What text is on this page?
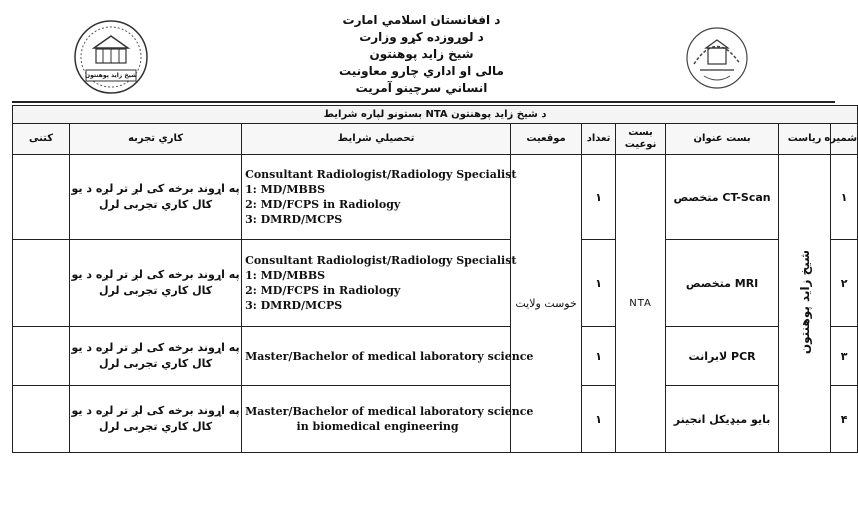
شیخ زاید پوهنتون
د افغانستان اسلامي امارت
د لوړوزده کړو وزارت
شیخ زاید پوهنتون
مالی او اداري چارو معاونیت
انساني سرچینو آمریت
د شیخ زاید پوهنتون NTA بستونو لپاره شرایط								
شمیره	ریاست	بست عنوان	بست نوعیت	تعداد	موقعیت	تحصیلي شرایط	کاري تجربه	کتنی
۱	شیخ زاید پوهنتون	CT-Scan متخصص	NTA	۱	خوست ولایت	Consultant Radiologist/Radiology Specialist
1: MD/MBBS
2: MD/FCPS in Radiology
3: DMRD/MCPS	په اړوند برخه کی لږ تر لږه د یو کال کاري تجربی لرل	
۲		MRI متخصص		۱		Consultant Radiologist/Radiology Specialist
1: MD/MBBS
2: MD/FCPS in Radiology
3: DMRD/MCPS	په اړوند برخه کی لږ تر لږه د یو کال کاري تجربی لرل	
۳		PCR لابرانت		۱		Master/Bachelor of medical laboratory science	په اړوند برخه کی لږ تر لږه د یو کال کاري تجربی لرل	
۴		بایو میډیکل انجینر		۱		Master/Bachelor of medical laboratory science
in biomedical engineering	په اړوند برخه کی لږ تر لږه د یو کال کاري تجربی لرل	
